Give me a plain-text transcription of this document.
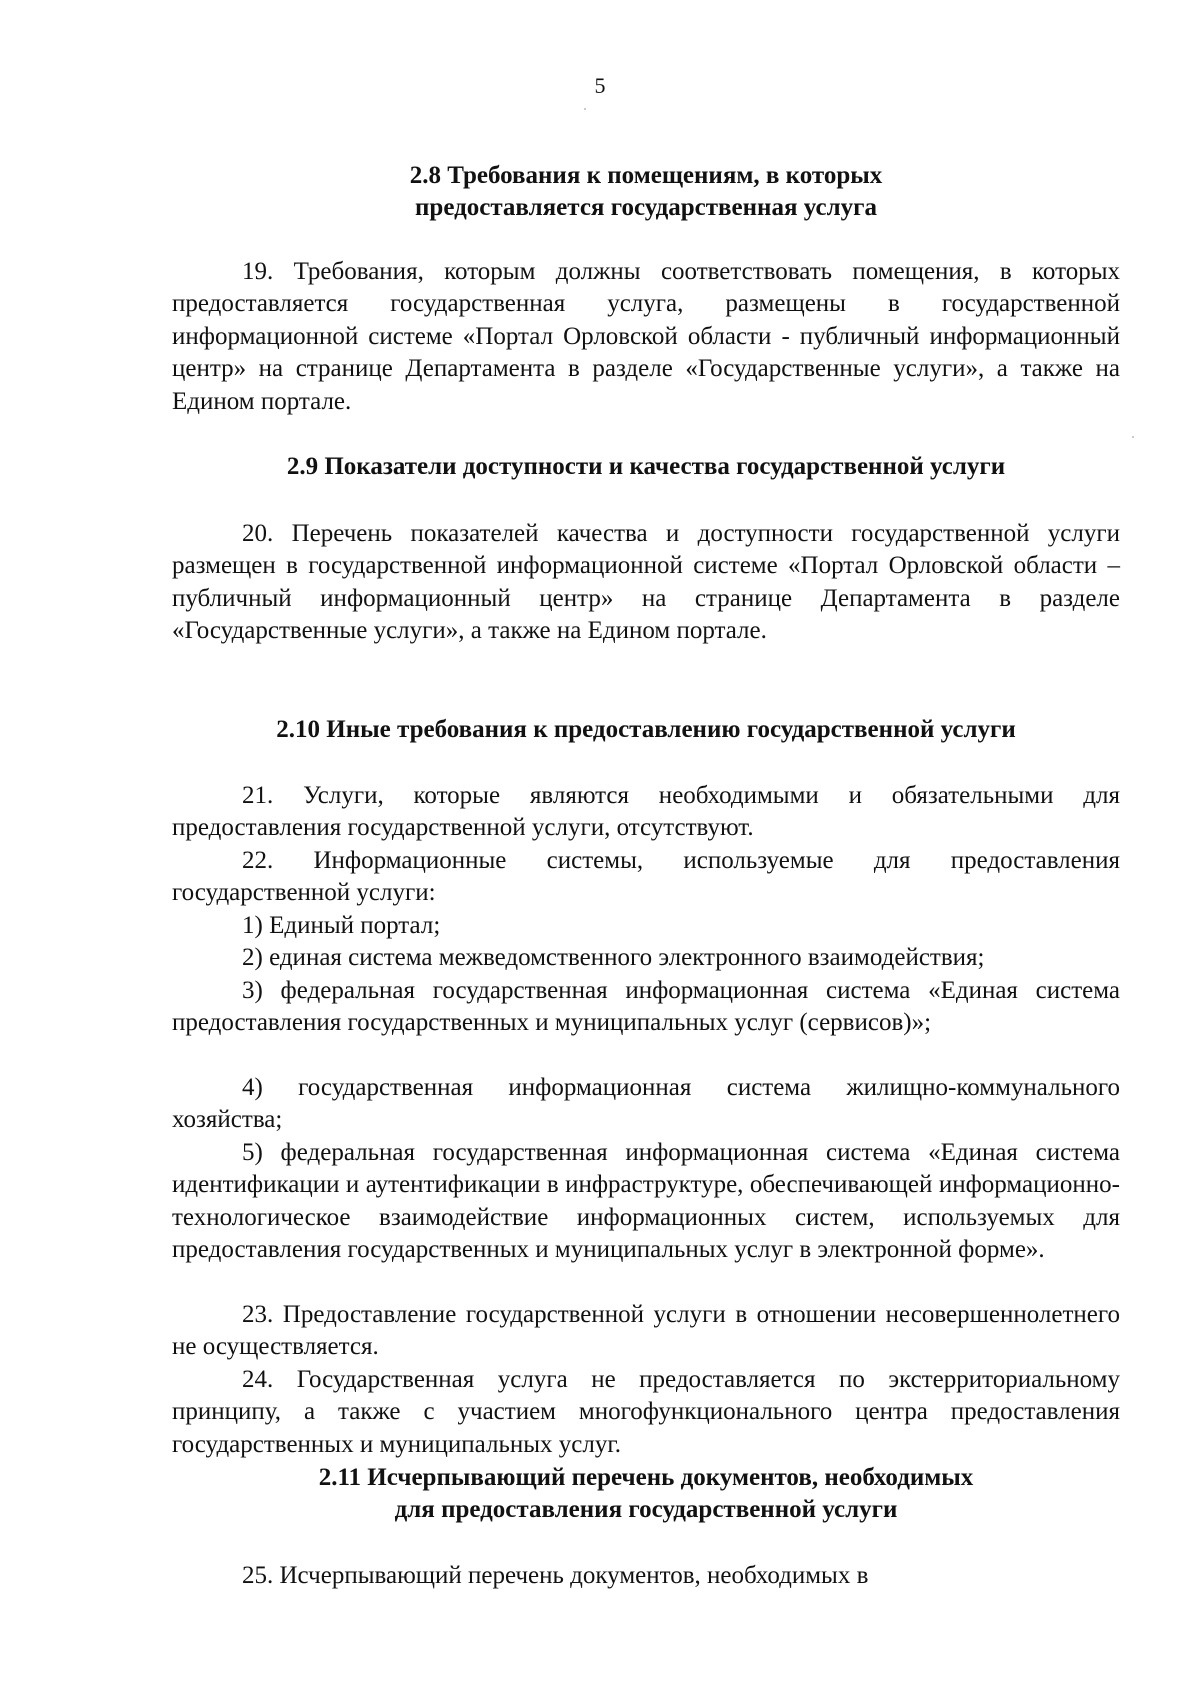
5
2.8 Требования к помещениям, в которых
предоставляется государственная услуга
19. Требования, которым должны соответствовать помещения, в которых предоставляется государственная услуга, размещены в государственной информационной системе «Портал Орловской области - публичный информационный центр» на странице Департамента в разделе «Государственные услуги», а также на Едином портале.
2.9 Показатели доступности и качества государственной услуги
20. Перечень показателей качества и доступности государственной услуги размещен в государственной информационной системе «Портал Орловской области – публичный информационный центр» на странице Департамента в разделе «Государственные услуги», а также на Едином портале.
2.10 Иные требования к предоставлению государственной услуги
21. Услуги, которые являются необходимыми и обязательными для предоставления государственной услуги, отсутствуют.
22. Информационные системы, используемые для предоставления государственной услуги:
1) Единый портал;
2) единая система межведомственного электронного взаимодействия;
3) федеральная государственная информационная система «Единая система предоставления государственных и муниципальных услуг (сервисов)»;
4) государственная информационная система жилищно-коммунального хозяйства;
5) федеральная государственная информационная система «Единая система идентификации и аутентификации в инфраструктуре, обеспечивающей информационно-технологическое взаимодействие информационных систем, используемых для предоставления государственных и муниципальных услуг в электронной форме».
23. Предоставление государственной услуги в отношении несовершеннолетнего не осуществляется.
24. Государственная услуга не предоставляется по экстерриториальному принципу, а также с участием многофункционального центра предоставления государственных и муниципальных услуг.
2.11 Исчерпывающий перечень документов, необходимых
для предоставления государственной услуги
25. Исчерпывающий перечень документов, необходимых в
